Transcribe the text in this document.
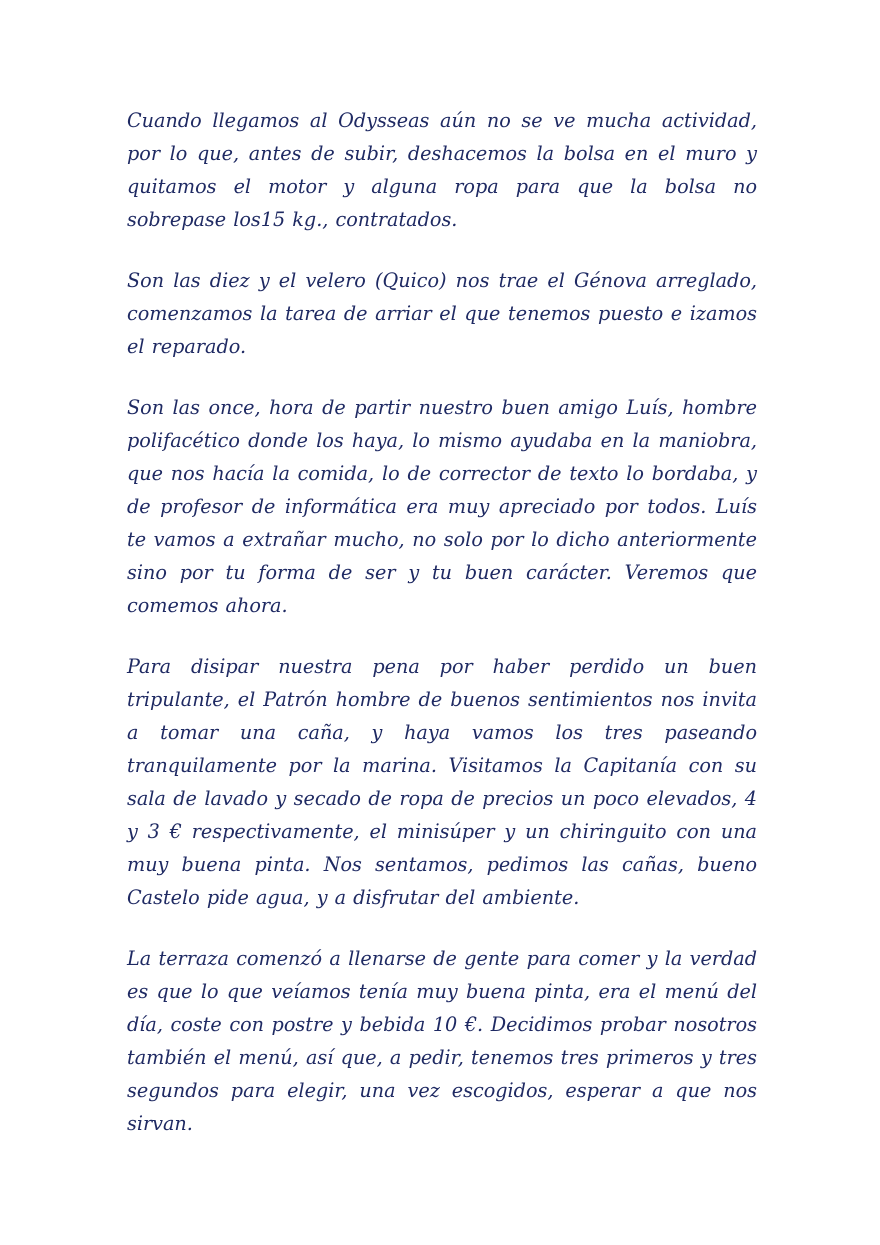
Cuando llegamos al Odysseas aún no se ve mucha actividad, por lo que, antes de subir, deshacemos la bolsa en el muro y quitamos el motor y alguna ropa para que la bolsa no sobrepase los15 kg., contratados.

Son las diez y el velero (Quico) nos trae el Génova arreglado, comenzamos la tarea de arriar el que tenemos puesto e izamos el reparado.

Son las once, hora de partir nuestro buen amigo Luís, hombre polifacético donde los haya, lo mismo ayudaba en la maniobra, que nos hacía la comida, lo de corrector de texto lo bordaba, y de profesor de informática era muy apreciado por todos. Luís te vamos a extrañar mucho, no solo por lo dicho anteriormente sino por tu forma de ser y tu buen carácter. Veremos que comemos ahora.

Para disipar nuestra pena por haber perdido un buen tripulante, el Patrón hombre de buenos sentimientos nos invita a tomar una caña, y haya vamos los tres paseando tranquilamente por la marina. Visitamos la Capitanía con su sala de lavado y secado de ropa de precios un poco elevados, 4 y 3 € respectivamente, el minisúper y un chiringuito con una muy buena pinta. Nos sentamos, pedimos las cañas, bueno Castelo pide agua, y a disfrutar del ambiente.

La terraza comenzó a llenarse de gente para comer y la verdad es que lo que veíamos tenía muy buena pinta, era el menú del día, coste con postre y bebida 10 €. Decidimos probar nosotros también el menú, así que, a pedir, tenemos tres primeros y tres segundos para elegir, una vez escogidos, esperar a que nos sirvan.
